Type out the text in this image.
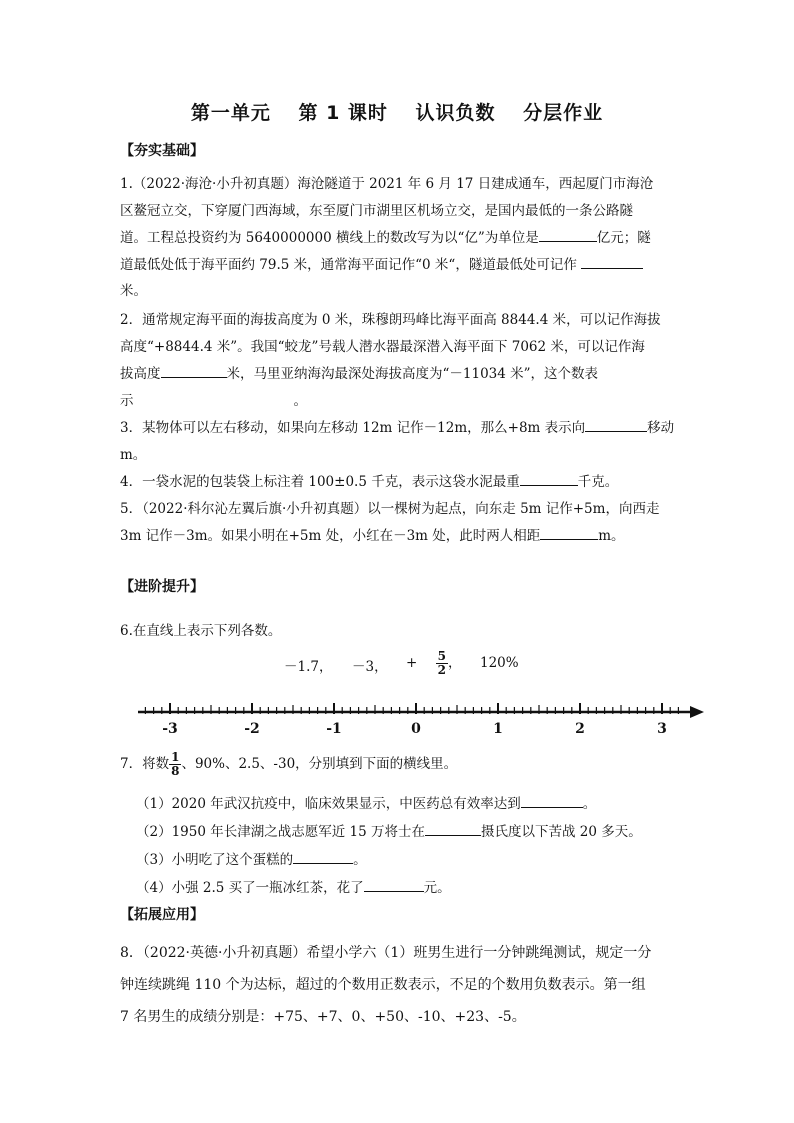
第一单元 第 1 课时 认识负数 分层作业
【夯实基础】
1.（2022·海沧·小升初真题）海沧隧道于 2021 年 6 月 17 日建成通车，西起厦门市海沧
区鳌冠立交，下穿厦门西海域，东至厦门市湖里区机场立交，是国内最低的一条公路隧
道。工程总投资约为 5640000000 横线上的数改写为以“亿”为单位是	亿元；隧
道最低处低于海平面约 79.5 米，通常海平面记作“0 米“，隧道最低处可记作
米。
2．通常规定海平面的海拔高度为 0 米，珠穆朗玛峰比海平面高 8844.4 米，可以记作海拔
高度“+8844.4 米”。我国“蛟龙”号载人潜水器最深潜入海平面下 7062 米，可以记作海
拔高度	米，马里亚纳海沟最深处海拔高度为“－11034 米”，这个数表
示	。
3．某物体可以左右移动，如果向左移动 12m 记作－12m，那么+8m 表示向	移动
m。
4．一袋水泥的包装袋上标注着 100±0.5 千克，表示这袋水泥最重	千克。
5．（2022·科尔沁左翼后旗·小升初真题）以一棵树为起点，向东走 5m 记作+5m，向西走
3m 记作－3m。如果小明在+5m 处，小红在－3m 处，此时两人相距	m。
【进阶提升】
6.在直线上表示下列各数。
－1.7， －3， + $\frac{5}{2}$ ， 120%
-3	-2	-1	0	1	2	3
7．将数 $\frac{1}{8}$ 、90%、2.5、-30，分别填到下面的横线里。
（1）2020 年武汉抗疫中，临床效果显示，中医药总有效率达到	。
（2）1950 年长津湖之战志愿军近 15 万将士在	摄氏度以下苦战 20 多天。
（3）小明吃了这个蛋糕的	。
（4）小强 2.5 买了一瓶冰红茶，花了	元。
【拓展应用】
8．（2022·英德·小升初真题）希望小学六（1）班男生进行一分钟跳绳测试，规定一分
钟连续跳绳 110 个为达标，超过的个数用正数表示，不足的个数用负数表示。第一组
7 名男生的成绩分别是：+75、+7、0、+50、-10、+23、-5。
